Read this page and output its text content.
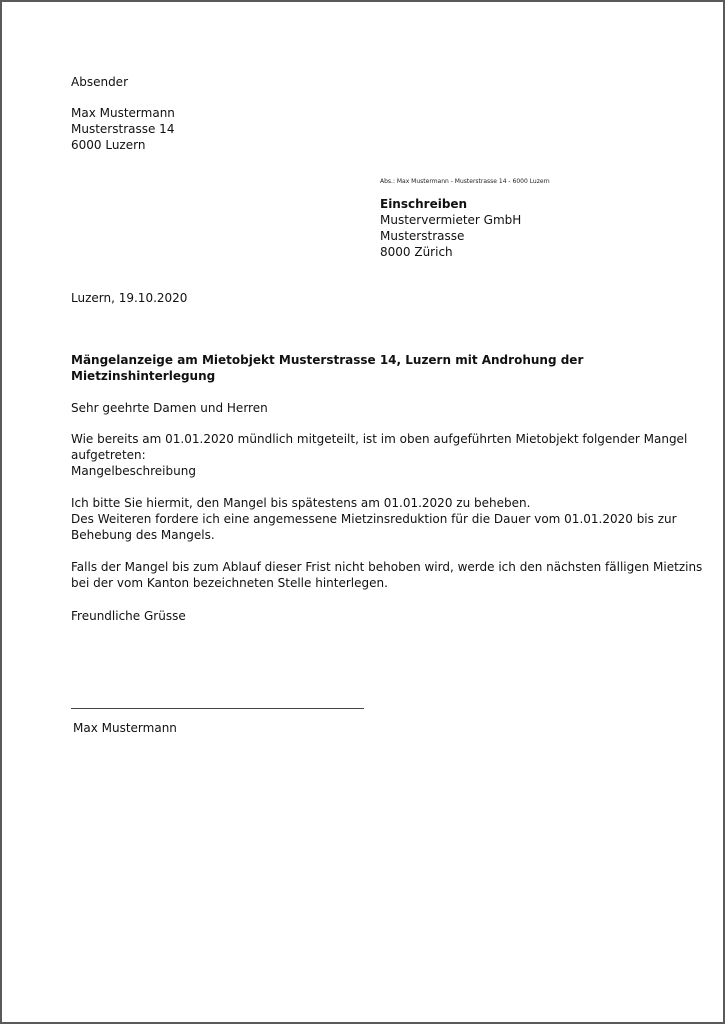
Absender
Max Mustermann
Musterstrasse 14
6000 Luzern
Abs.: Max Mustermann - Musterstrasse 14 - 6000 Luzern
Einschreiben
Mustervermieter GmbH
Musterstrasse
8000 Zürich
Luzern, 19.10.2020
Mängelanzeige am Mietobjekt Musterstrasse 14, Luzern mit Androhung der
Mietzinshinterlegung
Sehr geehrte Damen und Herren
Wie bereits am 01.01.2020 mündlich mitgeteilt, ist im oben aufgeführten Mietobjekt folgender Mangel
aufgetreten:
Mangelbeschreibung
Ich bitte Sie hiermit, den Mangel bis spätestens am 01.01.2020 zu beheben.
Des Weiteren fordere ich eine angemessene Mietzinsreduktion für die Dauer vom 01.01.2020 bis zur
Behebung des Mangels.
Falls der Mangel bis zum Ablauf dieser Frist nicht behoben wird, werde ich den nächsten fälligen Mietzins
bei der vom Kanton bezeichneten Stelle hinterlegen.
Freundliche Grüsse
Max Mustermann
